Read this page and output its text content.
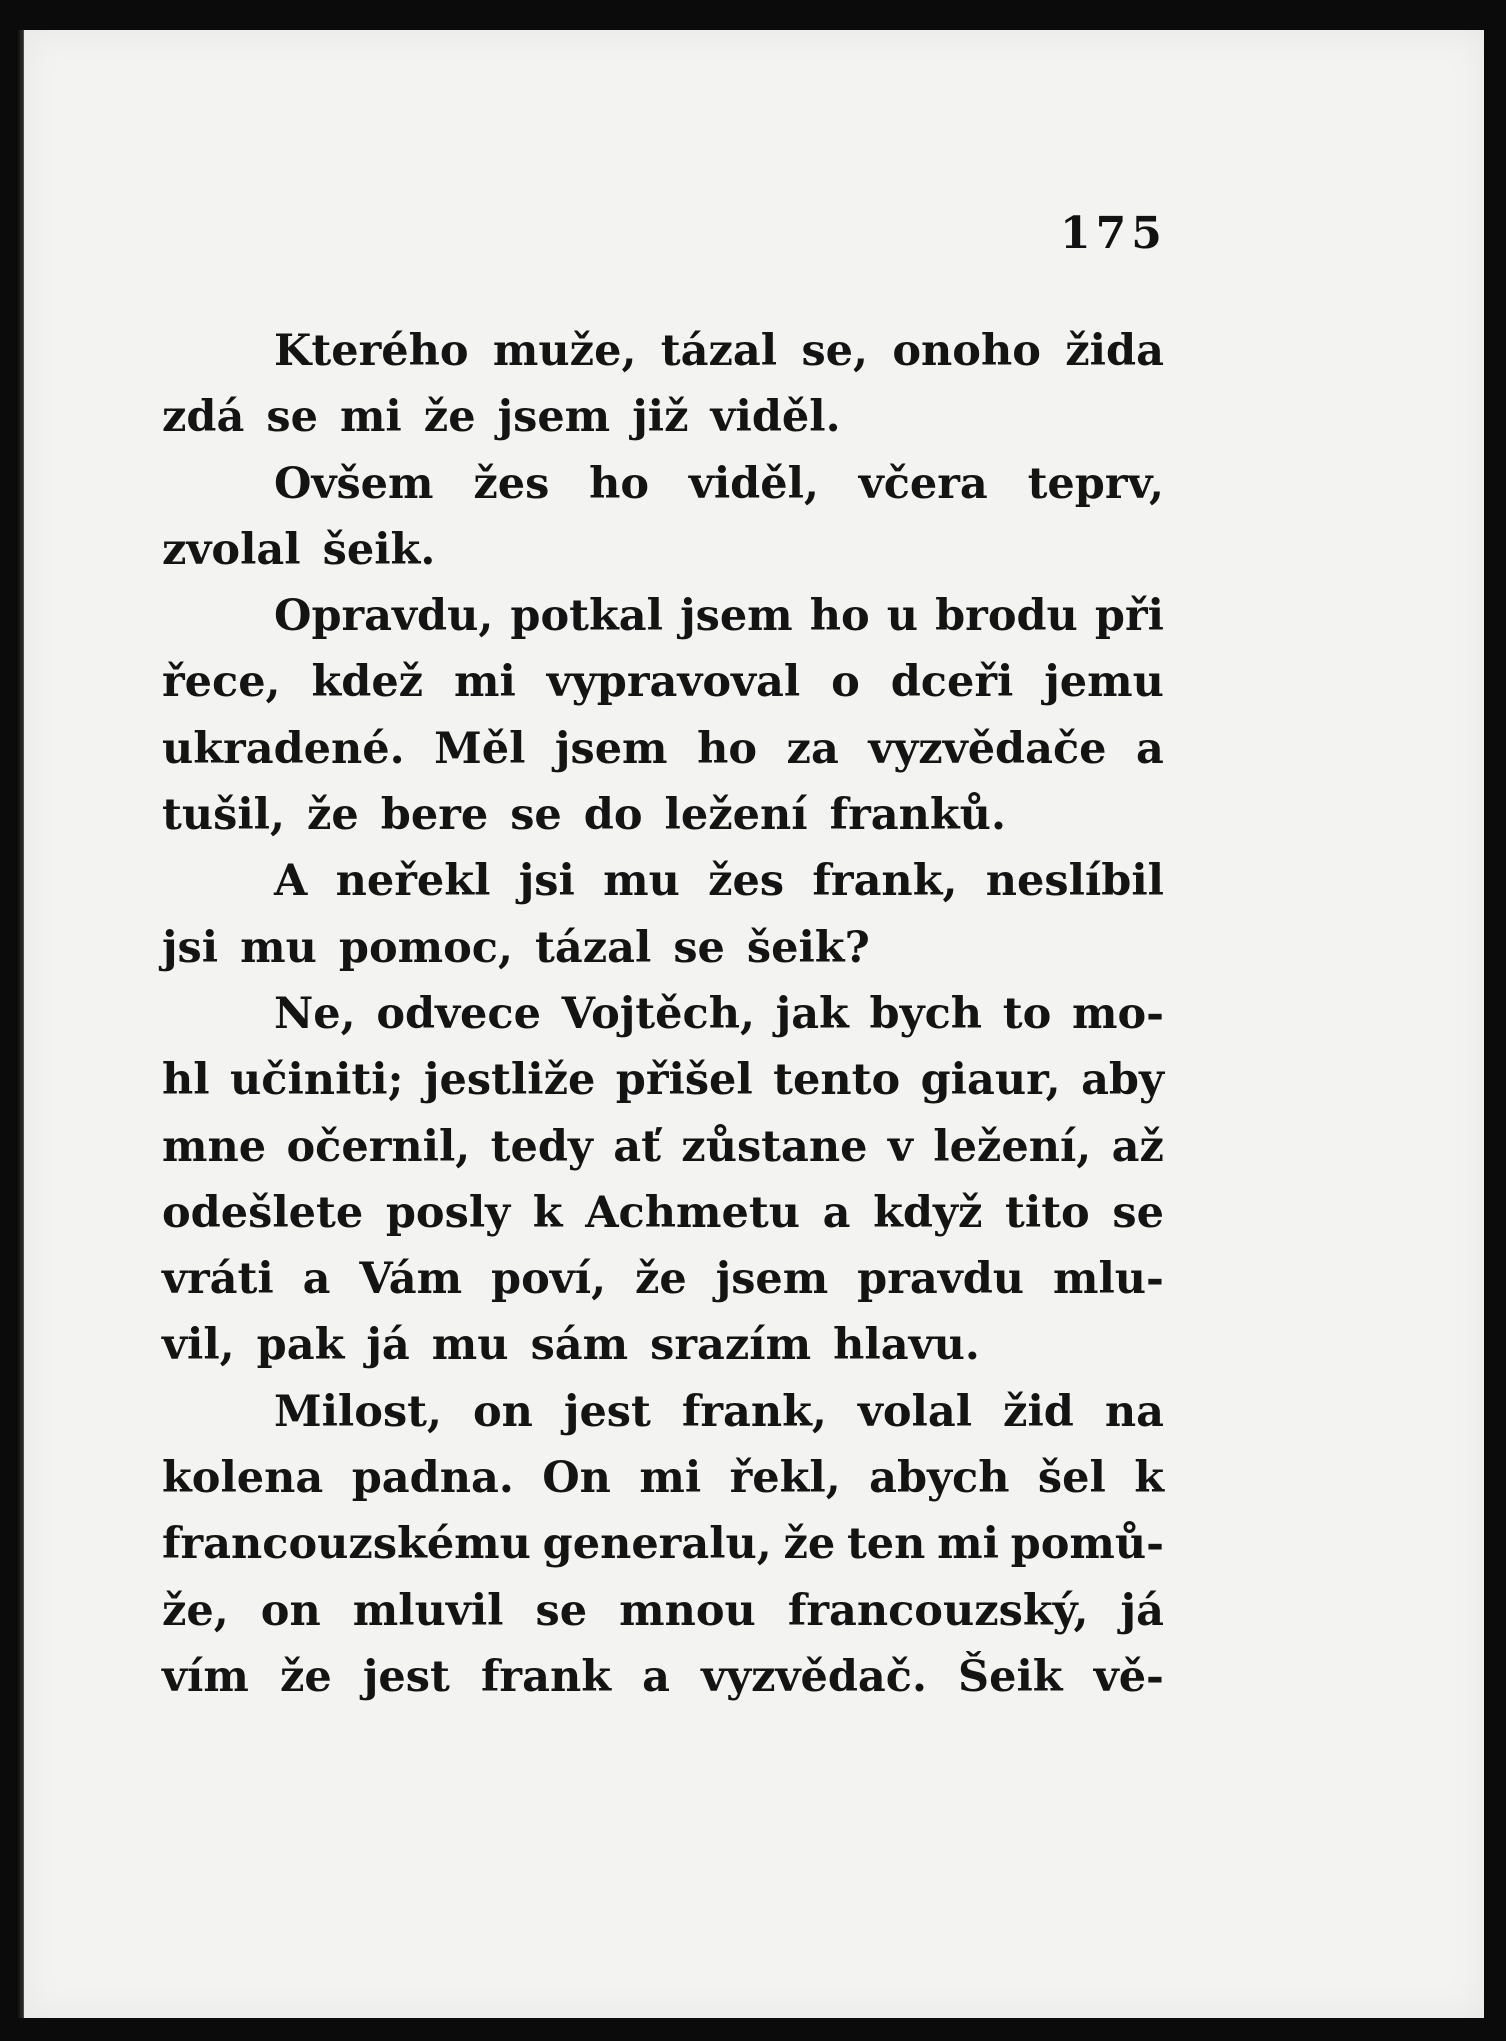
175
Kterého muže, tázal se, onoho žida
zdá se mi že jsem již viděl.
Ovšem žes ho viděl, včera teprv,
zvolal šeik.
Opravdu, potkal jsem ho u brodu při
řece, kdež mi vypravoval o dceři jemu
ukradené. Měl jsem ho za vyzvědače a
tušil, že bere se do ležení franků.
A neřekl jsi mu žes frank, neslíbil
jsi mu pomoc, tázal se šeik?
Ne, odvece Vojtěch, jak bych to mo-
hl učiniti; jestliže přišel tento giaur, aby
mne očernil, tedy ať zůstane v ležení, až
odešlete posly k Achmetu a když tito se
vráti a Vám poví, že jsem pravdu mlu-
vil, pak já mu sám srazím hlavu.
Milost, on jest frank, volal žid na
kolena padna. On mi řekl, abych šel k
francouzskému generalu, že ten mi pomů-
že, on mluvil se mnou francouzský, já
vím že jest frank a vyzvědač. Šeik vě-
